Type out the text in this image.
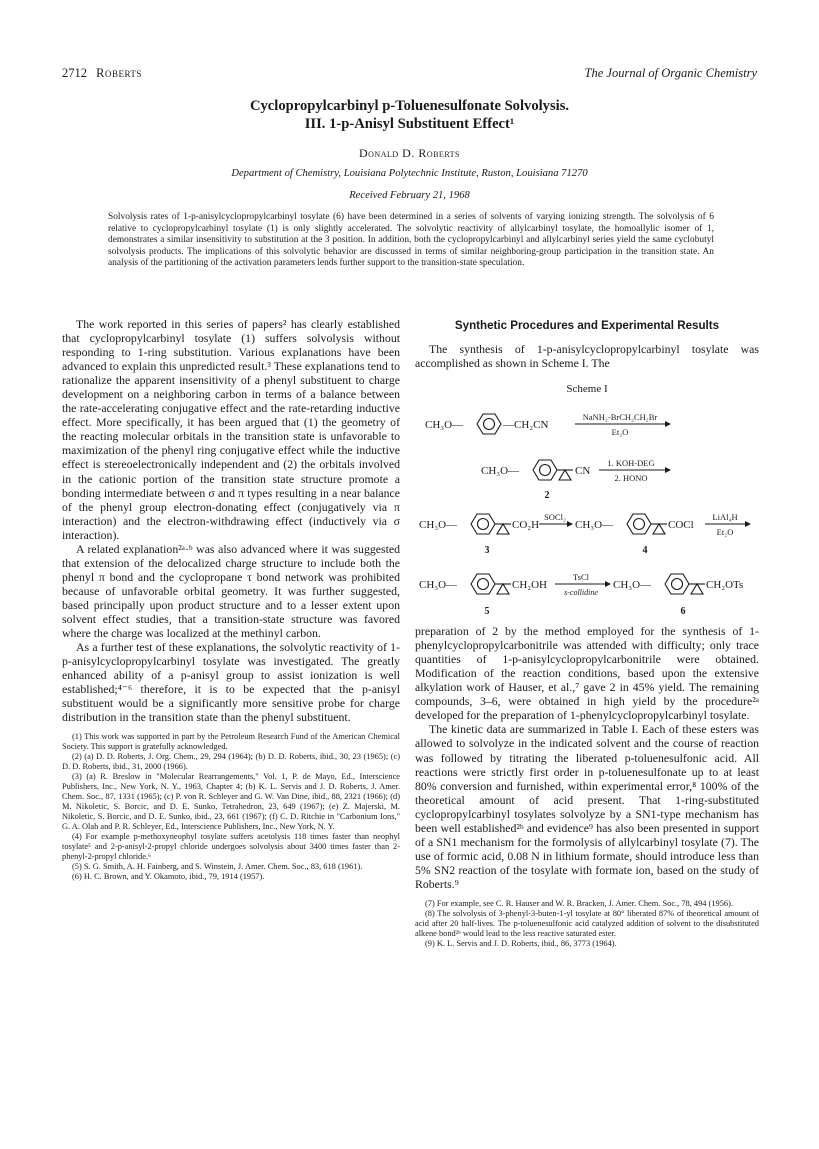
2712 Roberts	The Journal of Organic Chemistry
Cyclopropylcarbinyl p-Toluenesulfonate Solvolysis.
III. 1-p-Anisyl Substituent Effect¹
Donald D. Roberts
Department of Chemistry, Louisiana Polytechnic Institute, Ruston, Louisiana 71270
Received February 21, 1968
Solvolysis rates of 1-p-anisylcyclopropylcarbinyl tosylate (6) have been determined in a series of solvents of varying ionizing strength. The solvolysis of 6 relative to cyclopropylcarbinyl tosylate (1) is only slightly accelerated. The solvolytic reactivity of allylcarbinyl tosylate, the homoallylic isomer of 1, demonstrates a similar insensitivity to substitution at the 3 position. In addition, both the cyclopropylcarbinyl and allylcarbinyl series yield the same cyclobutyl solvolysis products. The implications of this solvolytic behavior are discussed in terms of similar neighboring-group participation in the transition state. An analysis of the partitioning of the activation parameters lends further support to the transition-state speculation.

The work reported in this series of papers² has clearly established that cyclopropylcarbinyl tosylate (1) suffers solvolysis without responding to 1-ring substitution. Various explanations have been advanced to explain this unpredicted result.³ These explanations tend to rationalize the apparent insensitivity of a phenyl substituent to charge development on a neighboring carbon in terms of a balance between the rate-accelerating conjugative effect and the rate-retarding inductive effect. More specifically, it has been argued that (1) the geometry of the reacting molecular orbitals in the transition state is unfavorable to maximization of the phenyl ring conjugative effect while the inductive effect is stereoelectronically independent and (2) the orbitals involved in the cationic portion of the transition state structure promote a bonding intermediate between σ and π types resulting in a near balance of the phenyl group electron-donating effect (conjugatively via π interaction) and the electron-withdrawing effect (inductively via σ interaction).

A related explanation²ᵃ·ᵇ was also advanced where it was suggested that extension of the delocalized charge structure to include both the phenyl π bond and the cyclopropane τ bond network was prohibited because of unfavorable orbital geometry. It was further suggested, based principally upon product structure and to a lesser extent upon solvent effect studies, that a transition-state structure was favored where the charge was localized at the methinyl carbon.

As a further test of these explanations, the solvolytic reactivity of 1-p-anisylcyclopropylcarbinyl tosylate was investigated. The greatly enhanced ability of a p-anisyl group to assist ionization is well established;⁴⁻⁶ therefore, it is to be expected that the p-anisyl substituent would be a significantly more sensitive probe for charge distribution in the transition state than the phenyl substituent.

(1) This work was supported in part by the Petroleum Research Fund of the American Chemical Society. This support is gratefully acknowledged.

(2) (a) D. D. Roberts, J. Org. Chem., 29, 294 (1964); (b) D. D. Roberts, ibid., 30, 23 (1965); (c) D. D. Roberts, ibid., 31, 2000 (1966).

(3) (a) R. Breslow in "Molecular Rearrangements," Vol. 1, P. de Mayo, Ed., Interscience Publishers, Inc., New York, N. Y., 1963, Chapter 4; (b) K. L. Servis and J. D. Roberts, J. Amer. Chem. Soc., 87, 1331 (1965); (c) P. von R. Schleyer and G. W. Van Dine, ibid., 88, 2321 (1966); (d) M. Nikoletic, S. Borcic, and D. E. Sunko, Tetrahedron, 23, 649 (1967); (e) Z. Majerski, M. Nikoletic, S. Borcic, and D. E. Sunko, ibid., 23, 661 (1967); (f) C. D. Ritchie in "Carbonium Ions," G. A. Olah and P. R. Schleyer, Ed., Interscience Publishers, Inc., New York, N. Y.

(4) For example p-methoxyneophyl tosylate suffers acetolysis 118 times faster than neophyl tosylate⁵ and 2-p-anisyl-2-propyl chloride undergoes solvolysis about 3400 times faster than 2-phenyl-2-propyl chloride.⁶

(5) S. G. Smith, A. H. Fainberg, and S. Winstein, J. Amer. Chem. Soc., 83, 618 (1961).

(6) H. C. Brown, and Y. Okamoto, ibid., 79, 1914 (1957).

Synthetic Procedures and Experimental Results

The synthesis of 1-p-anisylcyclopropylcarbinyl tosylate was accomplished as shown in Scheme I. The

Scheme I
CH₃O—	—CH₂CN
NaNH₂-BrCH₂CH₂Br
Et₂O
CH₃O—	CN
1. KOH-DEG
2. HONO
2
CH₃O—	CO₂H
SOCl₂
CH₃O—	COCl
LiAl₄H
Et₂O
3	4
CH₃O—	CH₂OH
TsCl
s-collidine
CH₃O—	CH₂OTs
5	6

preparation of 2 by the method employed for the synthesis of 1-phenylcyclopropylcarbonitrile was attended with difficulty; only trace quantities of 1-p-anisylcyclopropylcarbonitrile were obtained. Modification of the reaction conditions, based upon the extensive alkylation work of Hauser, et al.,⁷ gave 2 in 45% yield. The remaining compounds, 3–6, were obtained in high yield by the procedure²ᵃ developed for the preparation of 1-phenylcyclopropylcarbinyl tosylate.

The kinetic data are summarized in Table I. Each of these esters was allowed to solvolyze in the indicated solvent and the course of reaction was followed by titrating the liberated p-toluenesulfonic acid. All reactions were strictly first order in p-toluenesulfonate up to at least 80% conversion and furnished, within experimental error,⁸ 100% of the theoretical amount of acid present. That 1-ring-substituted cyclopropylcarbinyl tosylates solvolyze by a SN1-type mechanism has been well established²ᵇ and evidence⁹ has also been presented in support of a SN1 mechanism for the formolysis of allylcarbinyl tosylate (7). The use of formic acid, 0.08 N in lithium formate, should introduce less than 5% SN2 reaction of the tosylate with formate ion, based on the study of Roberts.⁹

(7) For example, see C. R. Hauser and W. R. Bracken, J. Amer. Chem. Soc., 78, 494 (1956).

(8) The solvolysis of 3-phenyl-3-buten-1-yl tosylate at 80° liberated 87% of theoretical amount of acid after 20 half-lives. The p-toluenesulfonic acid catalyzed addition of solvent to the disubstituted alkene bond²ᵇ would lead to the less reactive saturated ester.

(9) K. L. Servis and J. D. Roberts, ibid., 86, 3773 (1964).
